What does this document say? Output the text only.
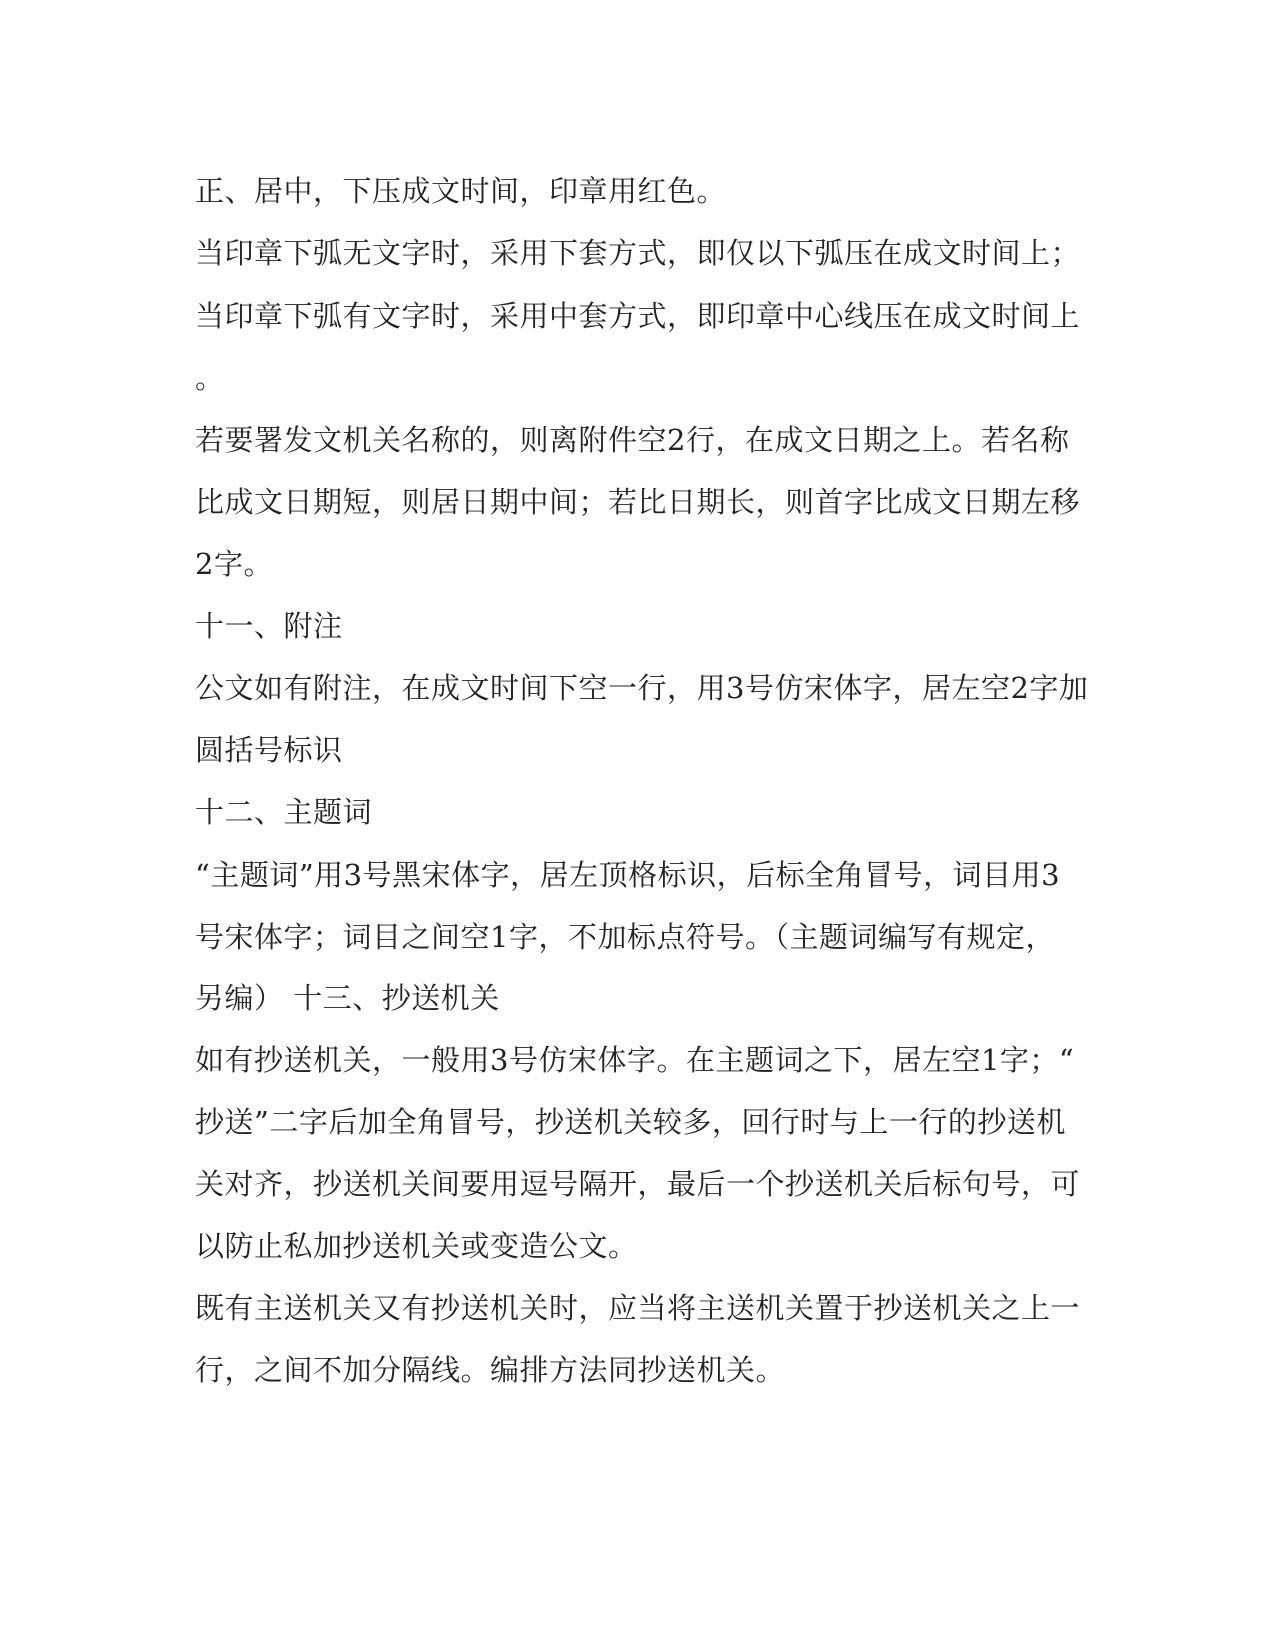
正、居中，下压成文时间，印章用红色。

当印章下弧无文字时，采用下套方式，即仅以下弧压在成文时间上；

当印章下弧有文字时，采用中套方式，即印章中心线压在成文时间上

。

若要署发文机关名称的，则离附件空2行，在成文日期之上。若名称

比成文日期短，则居日期中间；若比日期长，则首字比成文日期左移

2字。

十一、附注

公文如有附注，在成文时间下空一行，用3号仿宋体字，居左空2字加

圆括号标识

十二、主题词

“主题词”用3号黑宋体字，居左顶格标识，后标全角冒号，词目用3

号宋体字；词目之间空1字，不加标点符号。（主题词编写有规定，

另编） 十三、抄送机关

如有抄送机关，一般用3号仿宋体字。在主题词之下，居左空1字；“

抄送”二字后加全角冒号，抄送机关较多，回行时与上一行的抄送机

关对齐，抄送机关间要用逗号隔开，最后一个抄送机关后标句号，可

以防止私加抄送机关或变造公文。

既有主送机关又有抄送机关时，应当将主送机关置于抄送机关之上一

行，之间不加分隔线。编排方法同抄送机关。
